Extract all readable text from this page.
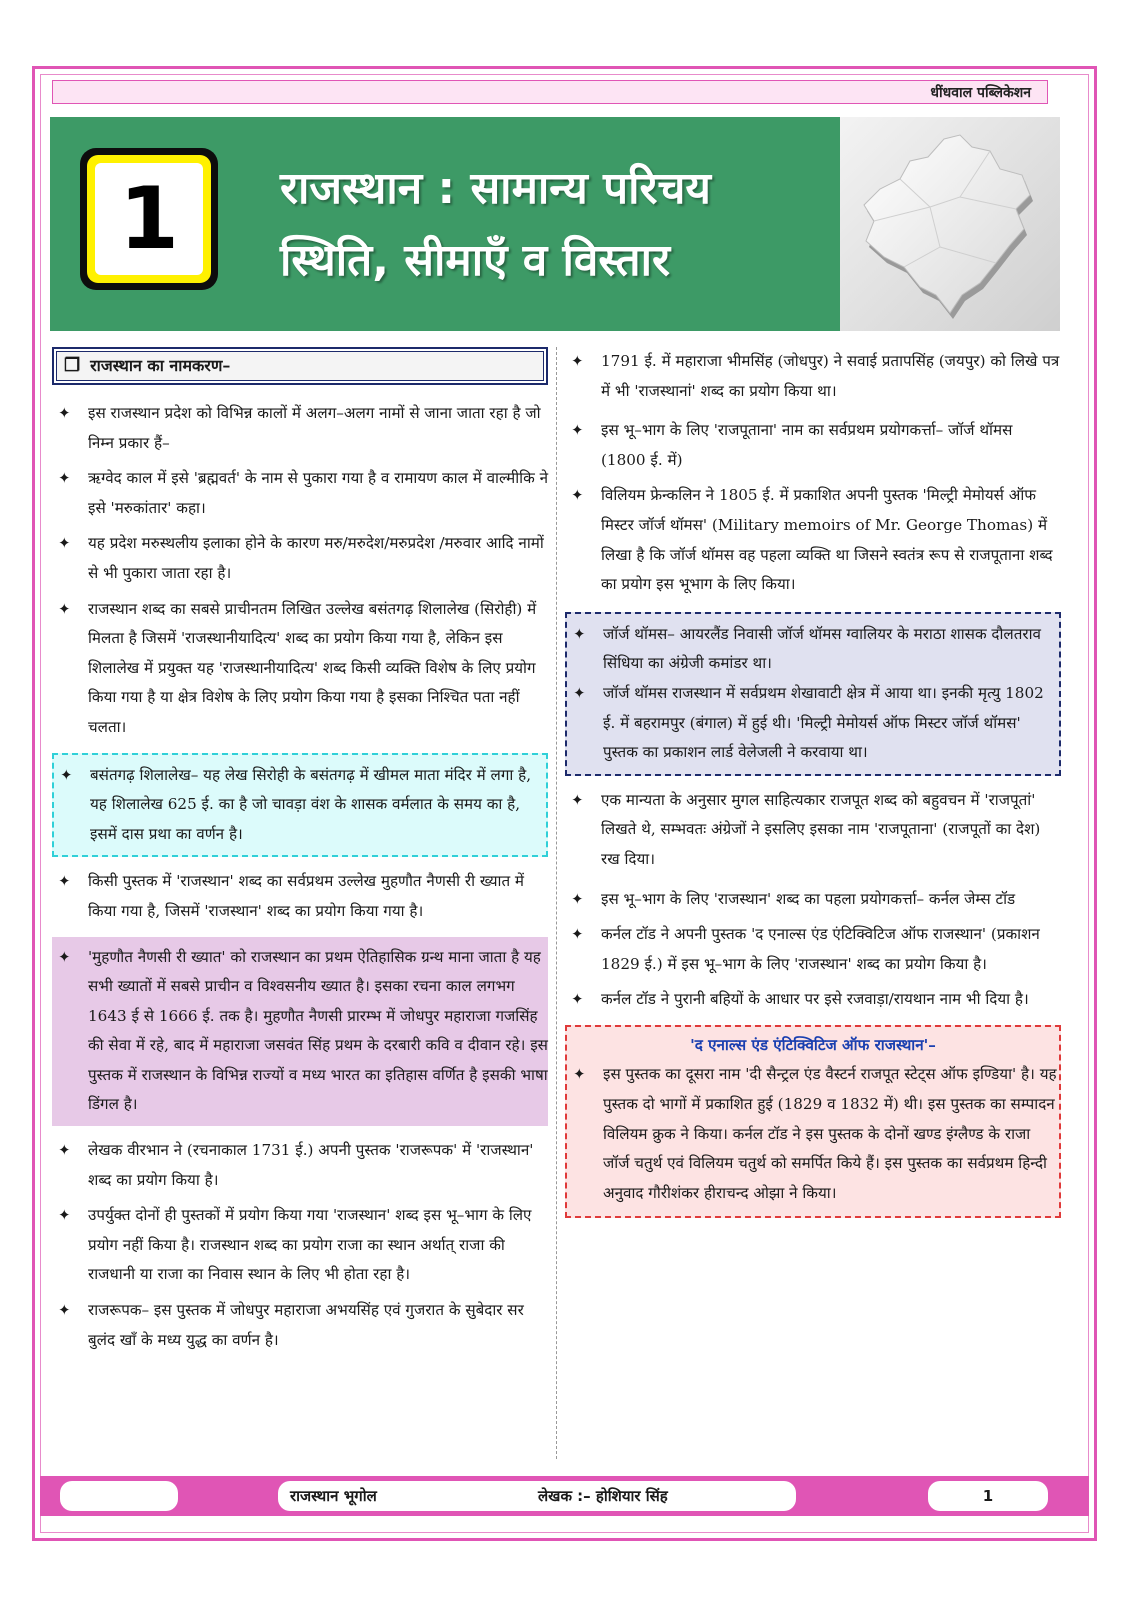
धींधवाल पब्लिकेशन
1	राजस्थान : सामान्य परिचय
स्थिति, सीमाएँ व विस्तार
❐ राजस्थान का नामकरण–
✦ इस राजस्थान प्रदेश को विभिन्न कालों में अलग–अलग नामों से जाना जाता रहा है जो निम्न प्रकार हैं–
✦ ऋग्वेद काल में इसे 'ब्रह्मवर्त' के नाम से पुकारा गया है व रामायण काल में वाल्मीकि ने इसे 'मरुकांतार' कहा।
✦ यह प्रदेश मरुस्थलीय इलाका होने के कारण मरु/मरुदेश/मरुप्रदेश /मरुवार आदि नामों से भी पुकारा जाता रहा है।
✦ राजस्थान शब्द का सबसे प्राचीनतम लिखित उल्लेख बसंतगढ़ शिलालेख (सिरोही) में मिलता है जिसमें 'राजस्थानीयादित्य' शब्द का प्रयोग किया गया है, लेकिन इस शिलालेख में प्रयुक्त यह 'राजस्थानीयादित्य' शब्द किसी व्यक्ति विशेष के लिए प्रयोग किया गया है या क्षेत्र विशेष के लिए प्रयोग किया गया है इसका निश्चित पता नहीं चलता।
✦ बसंतगढ़ शिलालेख– यह लेख सिरोही के बसंतगढ़ में खीमल माता मंदिर में लगा है, यह शिलालेख 625 ई. का है जो चावड़ा वंश के शासक वर्मलात के समय का है, इसमें दास प्रथा का वर्णन है।
✦ किसी पुस्तक में 'राजस्थान' शब्द का सर्वप्रथम उल्लेख मुहणौत नैणसी री ख्यात में किया गया है, जिसमें 'राजस्थान' शब्द का प्रयोग किया गया है।
✦ 'मुहणौत नैणसी री ख्यात' को राजस्थान का प्रथम ऐतिहासिक ग्रन्थ माना जाता है यह सभी ख्यातों में सबसे प्राचीन व विश्वसनीय ख्यात है। इसका रचना काल लगभग 1643 ई से 1666 ई. तक है। मुहणौत नैणसी प्रारम्भ में जोधपुर महाराजा गजसिंह की सेवा में रहे, बाद में महाराजा जसवंत सिंह प्रथम के दरबारी कवि व दीवान रहे। इस पुस्तक में राजस्थान के विभिन्न राज्यों व मध्य भारत का इतिहास वर्णित है इसकी भाषा डिंगल है।
✦ लेखक वीरभान ने (रचनाकाल 1731 ई.) अपनी पुस्तक 'राजरूपक' में 'राजस्थान' शब्द का प्रयोग किया है।
✦ उपर्युक्त दोनों ही पुस्तकों में प्रयोग किया गया 'राजस्थान' शब्द इस भू–भाग के लिए प्रयोग नहीं किया है। राजस्थान शब्द का प्रयोग राजा का स्थान अर्थात् राजा की राजधानी या राजा का निवास स्थान के लिए भी होता रहा है।
✦ राजरूपक– इस पुस्तक में जोधपुर महाराजा अभयसिंह एवं गुजरात के सुबेदार सर बुलंद खाँ के मध्य युद्ध का वर्णन है।
✦ 1791 ई. में महाराजा भीमसिंह (जोधपुर) ने सवाई प्रतापसिंह (जयपुर) को लिखे पत्र में भी 'राजस्थानां' शब्द का प्रयोग किया था।
✦ इस भू–भाग के लिए 'राजपूताना' नाम का सर्वप्रथम प्रयोगकर्त्ता– जॉर्ज थॉमस (1800 ई. में)
✦ विलियम फ्रेन्कलिन ने 1805 ई. में प्रकाशित अपनी पुस्तक 'मिल्ट्री मेमोयर्स ऑफ मिस्टर जॉर्ज थॉमस' (Military memoirs of Mr. George Thomas) में लिखा है कि जॉर्ज थॉमस वह पहला व्यक्ति था जिसने स्वतंत्र रूप से राजपूताना शब्द का प्रयोग इस भूभाग के लिए किया।
✦ जॉर्ज थॉमस– आयरलैंड निवासी जॉर्ज थॉमस ग्वालियर के मराठा शासक दौलतराव सिंधिया का अंग्रेजी कमांडर था।
✦ जॉर्ज थॉमस राजस्थान में सर्वप्रथम शेखावाटी क्षेत्र में आया था। इनकी मृत्यु 1802 ई. में बहरामपुर (बंगाल) में हुई थी। 'मिल्ट्री मेमोयर्स ऑफ मिस्टर जॉर्ज थॉमस' पुस्तक का प्रकाशन लार्ड वेलेजली ने करवाया था।
✦ एक मान्यता के अनुसार मुगल साहित्यकार राजपूत शब्द को बहुवचन में 'राजपूतां' लिखते थे, सम्भवतः अंग्रेजों ने इसलिए इसका नाम 'राजपूताना' (राजपूतों का देश) रख दिया।
✦ इस भू–भाग के लिए 'राजस्थान' शब्द का पहला प्रयोगकर्त्ता– कर्नल जेम्स टॉड
✦ कर्नल टॉड ने अपनी पुस्तक 'द एनाल्स एंड एंटिक्विटिज ऑफ राजस्थान' (प्रकाशन 1829 ई.) में इस भू–भाग के लिए 'राजस्थान' शब्द का प्रयोग किया है।
✦ कर्नल टॉड ने पुरानी बहियों के आधार पर इसे रजवाड़ा/रायथान नाम भी दिया है।
'द एनाल्स एंड एंटिक्विटिज ऑफ राजस्थान'–
✦ इस पुस्तक का दूसरा नाम 'दी सैन्ट्रल एंड वैस्टर्न राजपूत स्टेट्स ऑफ इण्डिया' है। यह पुस्तक दो भागों में प्रकाशित हुई (1829 व 1832 में) थी। इस पुस्तक का सम्पादन विलियम क्रुक ने किया। कर्नल टॉड ने इस पुस्तक के दोनों खण्ड इंग्लैण्ड के राजा जॉर्ज चतुर्थ एवं विलियम चतुर्थ को समर्पित किये हैं। इस पुस्तक का सर्वप्रथम हिन्दी अनुवाद गौरीशंकर हीराचन्द ओझा ने किया।
राजस्थान भूगोल	लेखक :– होशियार सिंह	1
